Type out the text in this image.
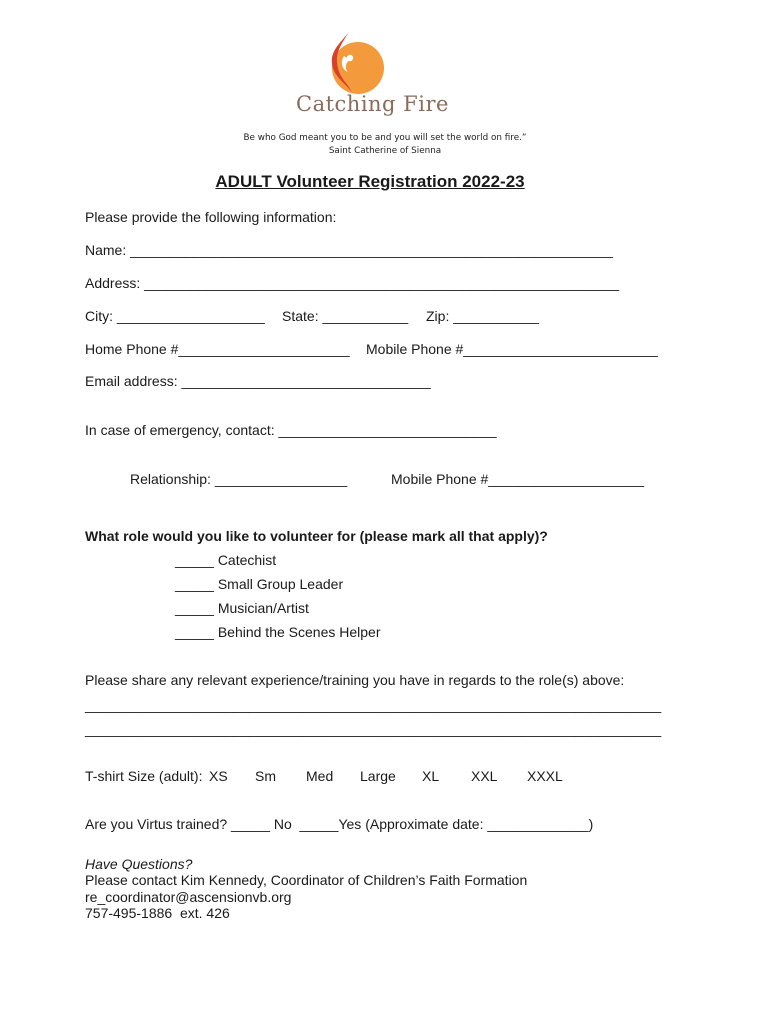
Catching Fire
Be who God meant you to be and you will set the world on fire.”
Saint Catherine of Sienna
ADULT Volunteer Registration 2022-23
Please provide the following information:
Name: ______________________________________________________________
Address: _____________________________________________________________
City: ___________________ State: ___________ Zip: ___________
Home Phone #______________________ Mobile Phone #_________________________
Email address: ________________________________
In case of emergency, contact: ____________________________
Relationship: _________________	Mobile Phone #____________________
What role would you like to volunteer for (please mark all that apply)?
_____ Catechist
_____ Small Group Leader
_____ Musician/Artist
_____ Behind the Scenes Helper
Please share any relevant experience/training you have in regards to the role(s) above:
__________________________________________________________________________
__________________________________________________________________________
T-shirt Size (adult): XS Sm Med Large XL XXL XXXL
Are you Virtus trained? _____ No  _____Yes (Approximate date: _____________)
Have Questions?
Please contact Kim Kennedy, Coordinator of Children’s Faith Formation
re_coordinator@ascensionvb.org
757-495-1886  ext. 426
